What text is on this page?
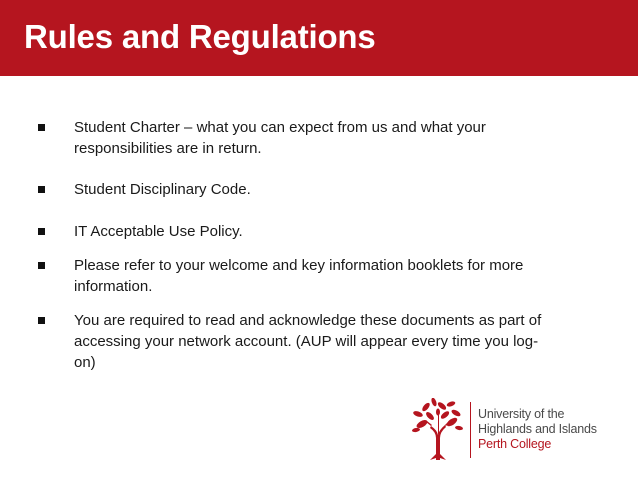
Rules and Regulations
Student Charter – what you can expect from us and what your responsibilities are in return.
Student Disciplinary Code.
IT Acceptable Use Policy.
Please refer to your welcome and key information booklets for more information.
You are required to read and acknowledge these documents as part of accessing your network account. (AUP will appear every time you log-on)
University of the
Highlands and Islands
Perth College
